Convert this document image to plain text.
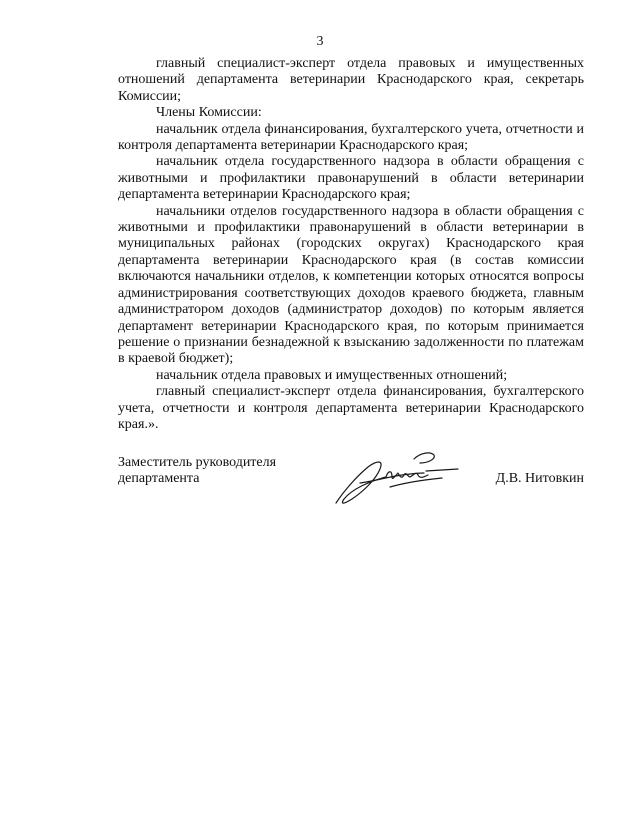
3

главный специалист-эксперт отдела правовых и имущественных отношений департамента ветеринарии Краснодарского края, секретарь Комиссии;

Члены Комиссии:

начальник отдела финансирования, бухгалтерского учета, отчетности и контроля департамента ветеринарии Краснодарского края;

начальник отдела государственного надзора в области обращения с животными и профилактики правонарушений в области ветеринарии департамента ветеринарии Краснодарского края;

начальники отделов государственного надзора в области обращения с животными и профилактики правонарушений в области ветеринарии в муниципальных районах (городских округах) Краснодарского края департамента ветеринарии Краснодарского края (в состав комиссии включаются начальники отделов, к компетенции которых относятся вопросы администрирования соответствующих доходов краевого бюджета, главным администратором доходов (администратор доходов) по которым является департамент ветеринарии Краснодарского края, по которым принимается решение о признании безнадежной к взысканию задолженности по платежам в краевой бюджет);

начальник отдела правовых и имущественных отношений;

главный специалист-эксперт отдела финансирования, бухгалтерского учета, отчетности и контроля департамента ветеринарии Краснодарского края.».

Заместитель руководителя
департамента	Д.В. Нитовкин
